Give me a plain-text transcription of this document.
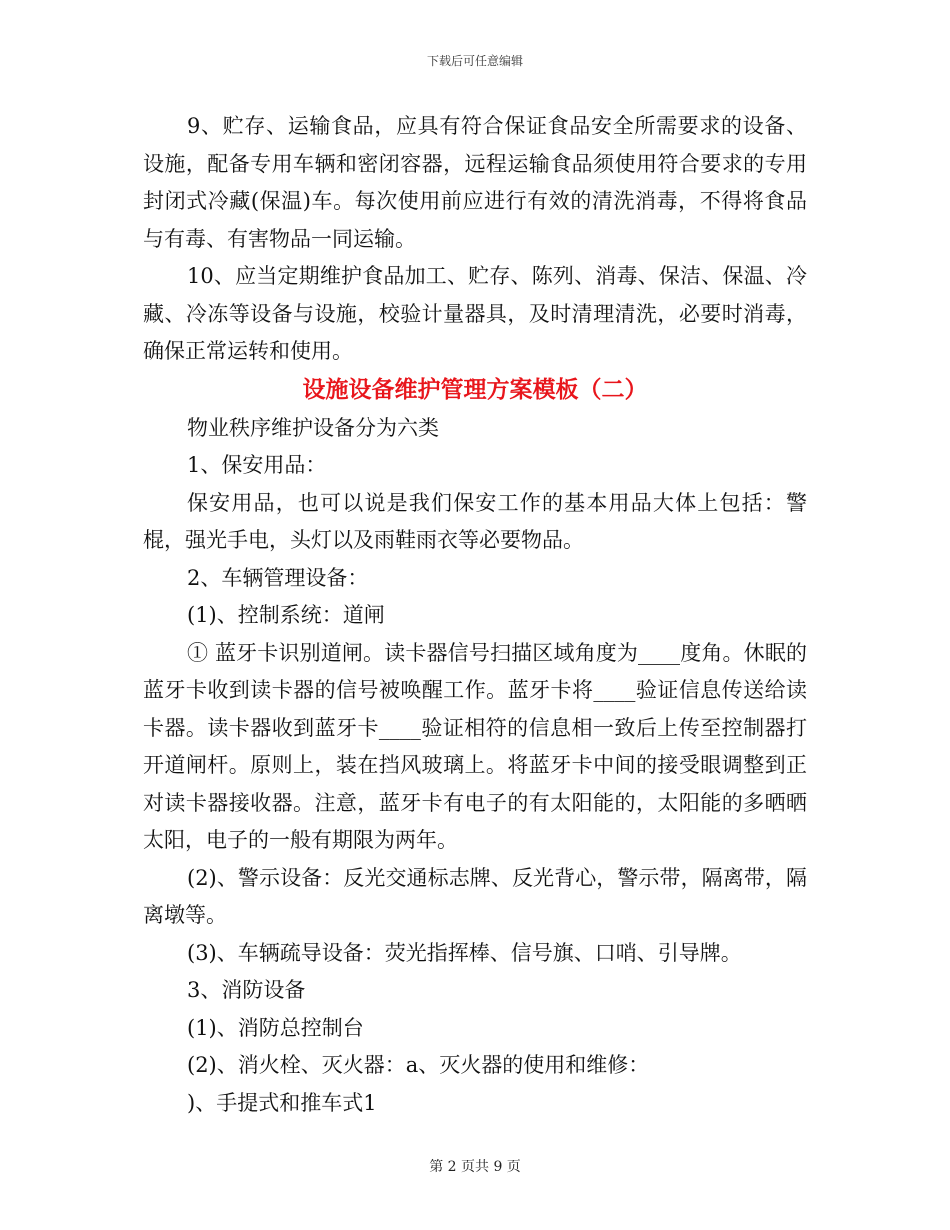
下载后可任意编辑

9、贮存、运输食品，应具有符合保证食品安全所需要求的设备、设施，配备专用车辆和密闭容器，远程运输食品须使用符合要求的专用封闭式冷藏(保温)车。每次使用前应进行有效的清洗消毒，不得将食品与有毒、有害物品一同运输。

10、应当定期维护食品加工、贮存、陈列、消毒、保洁、保温、冷藏、冷冻等设备与设施，校验计量器具，及时清理清洗，必要时消毒，确保正常运转和使用。

设施设备维护管理方案模板（二）

物业秩序维护设备分为六类

1、保安用品：

保安用品，也可以说是我们保安工作的基本用品大体上包括：警棍，强光手电，头灯以及雨鞋雨衣等必要物品。

2、车辆管理设备：

(1)、控制系统：道闸

① 蓝牙卡识别道闸。读卡器信号扫描区域角度为____度角。休眠的蓝牙卡收到读卡器的信号被唤醒工作。蓝牙卡将____验证信息传送给读卡器。读卡器收到蓝牙卡____验证相符的信息相一致后上传至控制器打开道闸杆。原则上，装在挡风玻璃上。将蓝牙卡中间的接受眼调整到正对读卡器接收器。注意，蓝牙卡有电子的有太阳能的，太阳能的多晒晒太阳，电子的一般有期限为两年。

(2)、警示设备：反光交通标志牌、反光背心，警示带，隔离带，隔离墩等。

(3)、车辆疏导设备：荧光指挥棒、信号旗、口哨、引导牌。

3、消防设备

(1)、消防总控制台

(2)、消火栓、灭火器：a、灭火器的使用和维修：

)、手提式和推车式1

第 2 页共 9 页
